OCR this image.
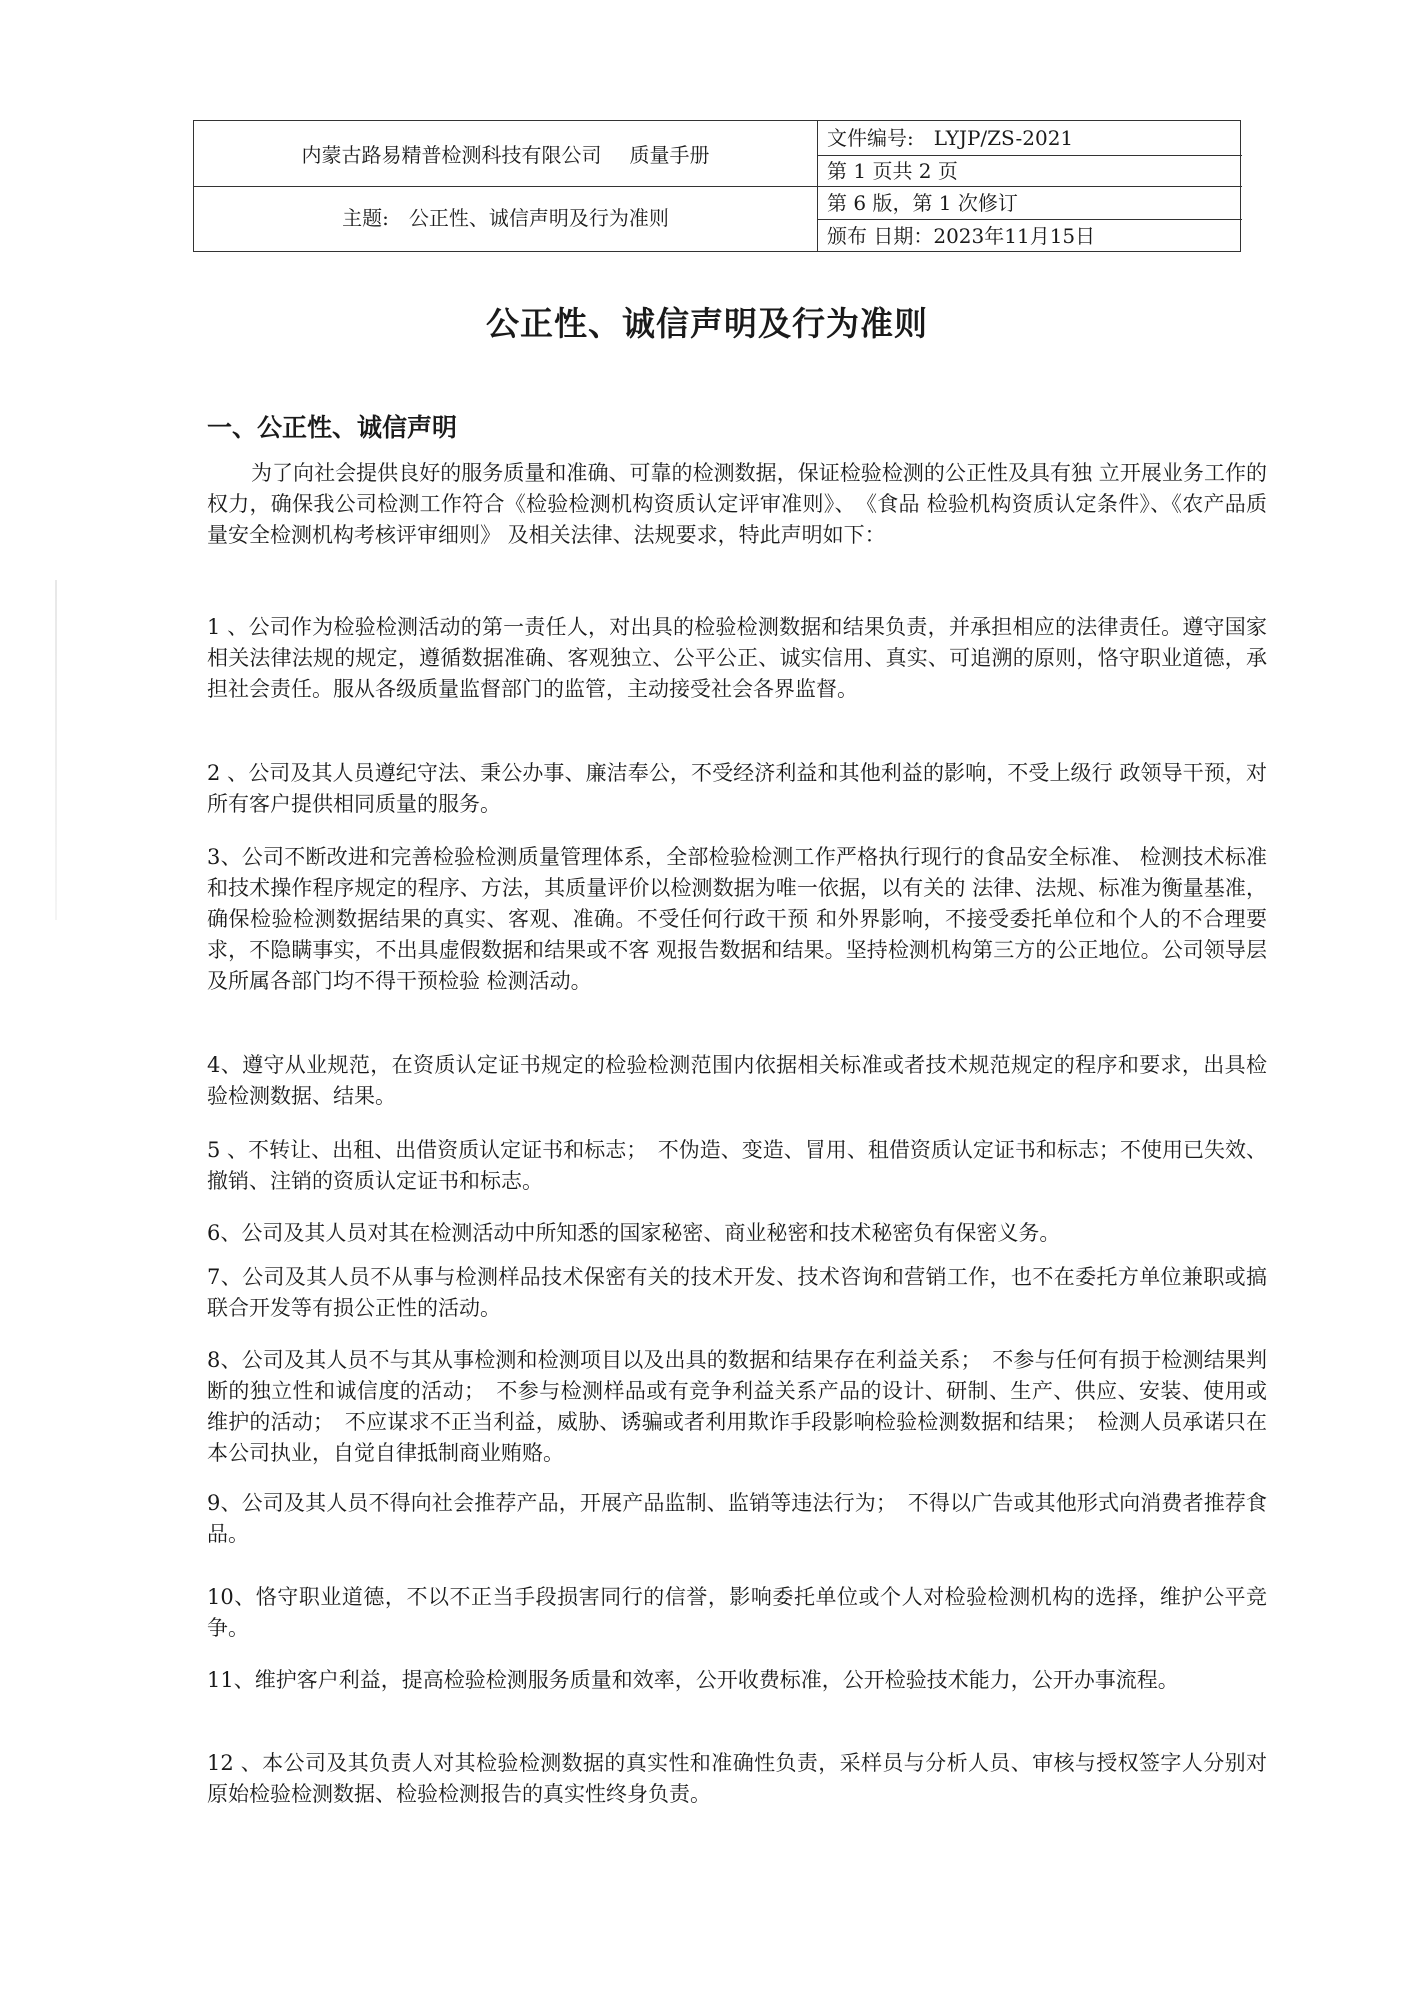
内蒙古路易精普检测科技有限公司 质量手册
主题: 公正性、诚信声明及行为准则
文件编号:　LYJP/ZS-2021
第 1 页共 2 页
第 6 版，第 1 次修订
颁布 日期：2023年11月15日
公正性、诚信声明及行为准则
一、公正性、诚信声明
为了向社会提供良好的服务质量和准确、可靠的检测数据，保证检验检测的公正性及具有独 立开展业务工作的权力，确保我公司检测工作符合《检验检测机构资质认定评审准则》、　《食品 检验机构资质认定条件》、《农产品质量安全检测机构考核评审细则》 及相关法律、法规要求，特此声明如下：
1 、公司作为检验检测活动的第一责任人，对出具的检验检测数据和结果负责，并承担相应的法律责任。遵守国家相关法律法规的规定，遵循数据准确、客观独立、公平公正、诚实信用、真实、可追溯的原则，恪守职业道德，承担社会责任。服从各级质量监督部门的监管，主动接受社会各界监督。
2 、公司及其人员遵纪守法、秉公办事、廉洁奉公，不受经济利益和其他利益的影响，不受上级行 政领导干预，对所有客户提供相同质量的服务。
3、公司不断改进和完善检验检测质量管理体系，全部检验检测工作严格执行现行的食品安全标准、 检测技术标准和技术操作程序规定的程序、方法，其质量评价以检测数据为唯一依据，以有关的 法律、法规、标准为衡量基准，确保检验检测数据结果的真实、客观、准确。不受任何行政干预 和外界影响，不接受委托单位和个人的不合理要求，不隐瞒事实，不出具虚假数据和结果或不客 观报告数据和结果。坚持检测机构第三方的公正地位。公司领导层及所属各部门均不得干预检验 检测活动。
4、遵守从业规范，在资质认定证书规定的检验检测范围内依据相关标准或者技术规范规定的程序和要求，出具检验检测数据、结果。
5 、不转让、出租、出借资质认定证书和标志；　不伪造、变造、冒用、租借资质认定证书和标志；不使用已失效、撤销、注销的资质认定证书和标志。
6、公司及其人员对其在检测活动中所知悉的国家秘密、商业秘密和技术秘密负有保密义务。
7、公司及其人员不从事与检测样品技术保密有关的技术开发、技术咨询和营销工作，也不在委托方单位兼职或搞联合开发等有损公正性的活动。
8、公司及其人员不与其从事检测和检测项目以及出具的数据和结果存在利益关系；　不参与任何有损于检测结果判断的独立性和诚信度的活动；　不参与检测样品或有竞争利益关系产品的设计、研制、生产、供应、安装、使用或维护的活动；　不应谋求不正当利益，威胁、诱骗或者利用欺诈手段影响检验检测数据和结果；　检测人员承诺只在本公司执业，自觉自律抵制商业贿赂。
9、公司及其人员不得向社会推荐产品，开展产品监制、监销等违法行为；　不得以广告或其他形式向消费者推荐食品。
10、恪守职业道德，不以不正当手段损害同行的信誉，影响委托单位或个人对检验检测机构的选择，维护公平竞争。
11、维护客户利益，提高检验检测服务质量和效率，公开收费标准，公开检验技术能力，公开办事流程。
12 、本公司及其负责人对其检验检测数据的真实性和准确性负责，采样员与分析人员、审核与授权签字人分别对原始检验检测数据、检验检测报告的真实性终身负责。
